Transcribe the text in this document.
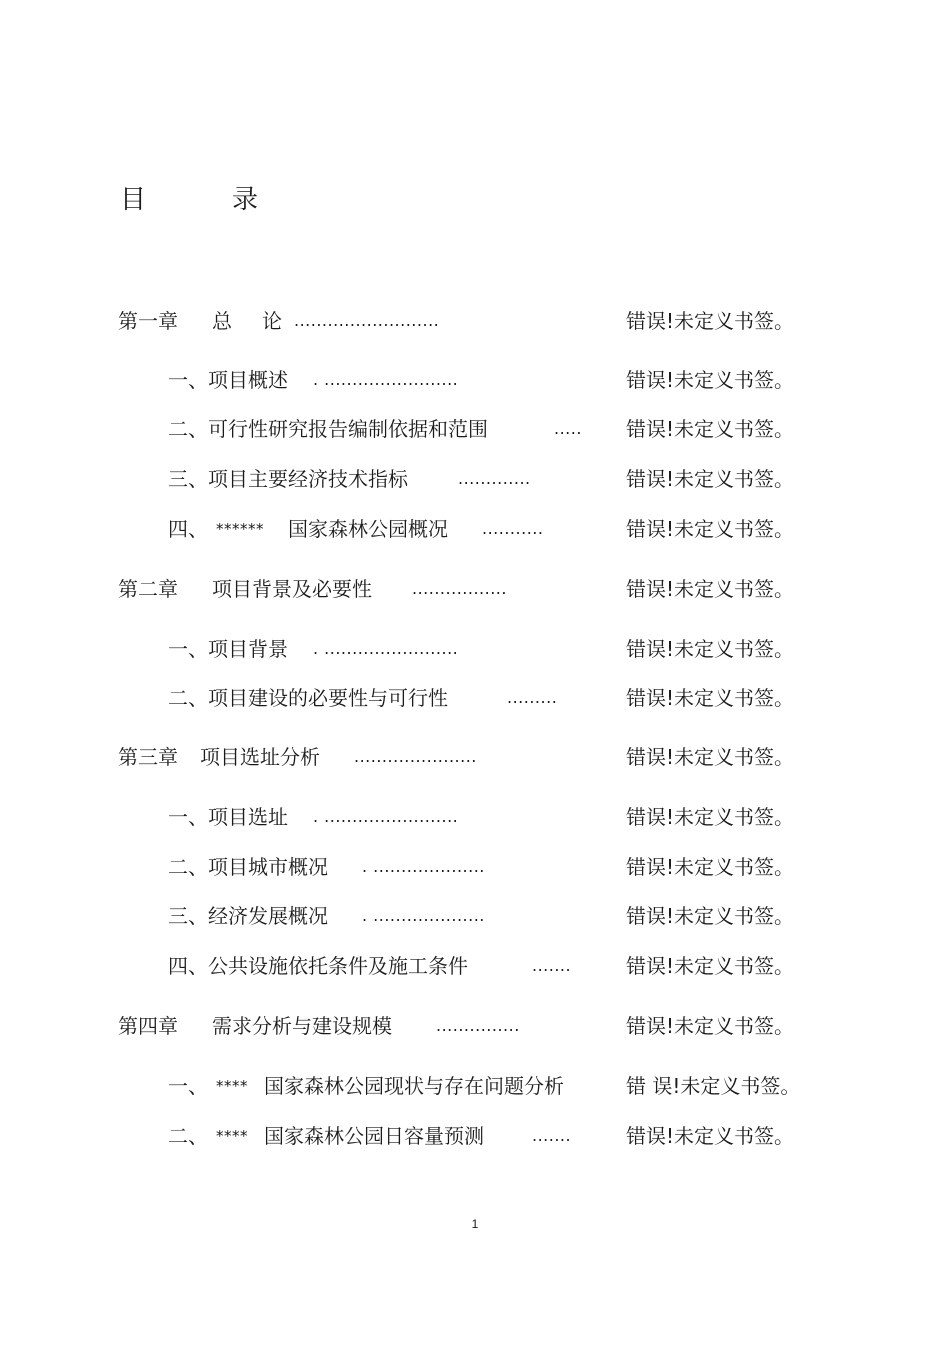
目	录
第一章 总 论 ..........................	错误!未定义书签。
一、项目概述 . ........................	错误!未定义书签。
二、可行性研究报告编制依据和范围	..... 错误!未定义书签。
三、项目主要经济技术指标	.............	错误!未定义书签。
四、 ****** 国家森林公园概况 ...........	错误!未定义书签。
第二章 项目背景及必要性	.................	错误!未定义书签。
一、项目背景 . ........................	错误!未定义书签。
二、项目建设的必要性与可行性	.........	错误!未定义书签。
第三章 项目选址分析 ......................	错误!未定义书签。
一、项目选址 . ........................	错误!未定义书签。
二、项目城市概况 . ....................	错误!未定义书签。
三、经济发展概况 . ....................	错误!未定义书签。
四、公共设施依托条件及施工条件	.......	错误!未定义书签。
第四章 需求分析与建设规模	...............	错误!未定义书签。
一、 **** 国家森林公园现状与存在问题分析	错 误!未定义书签。
二、 **** 国家森林公园日容量预测	.......	错误!未定义书签。
1
